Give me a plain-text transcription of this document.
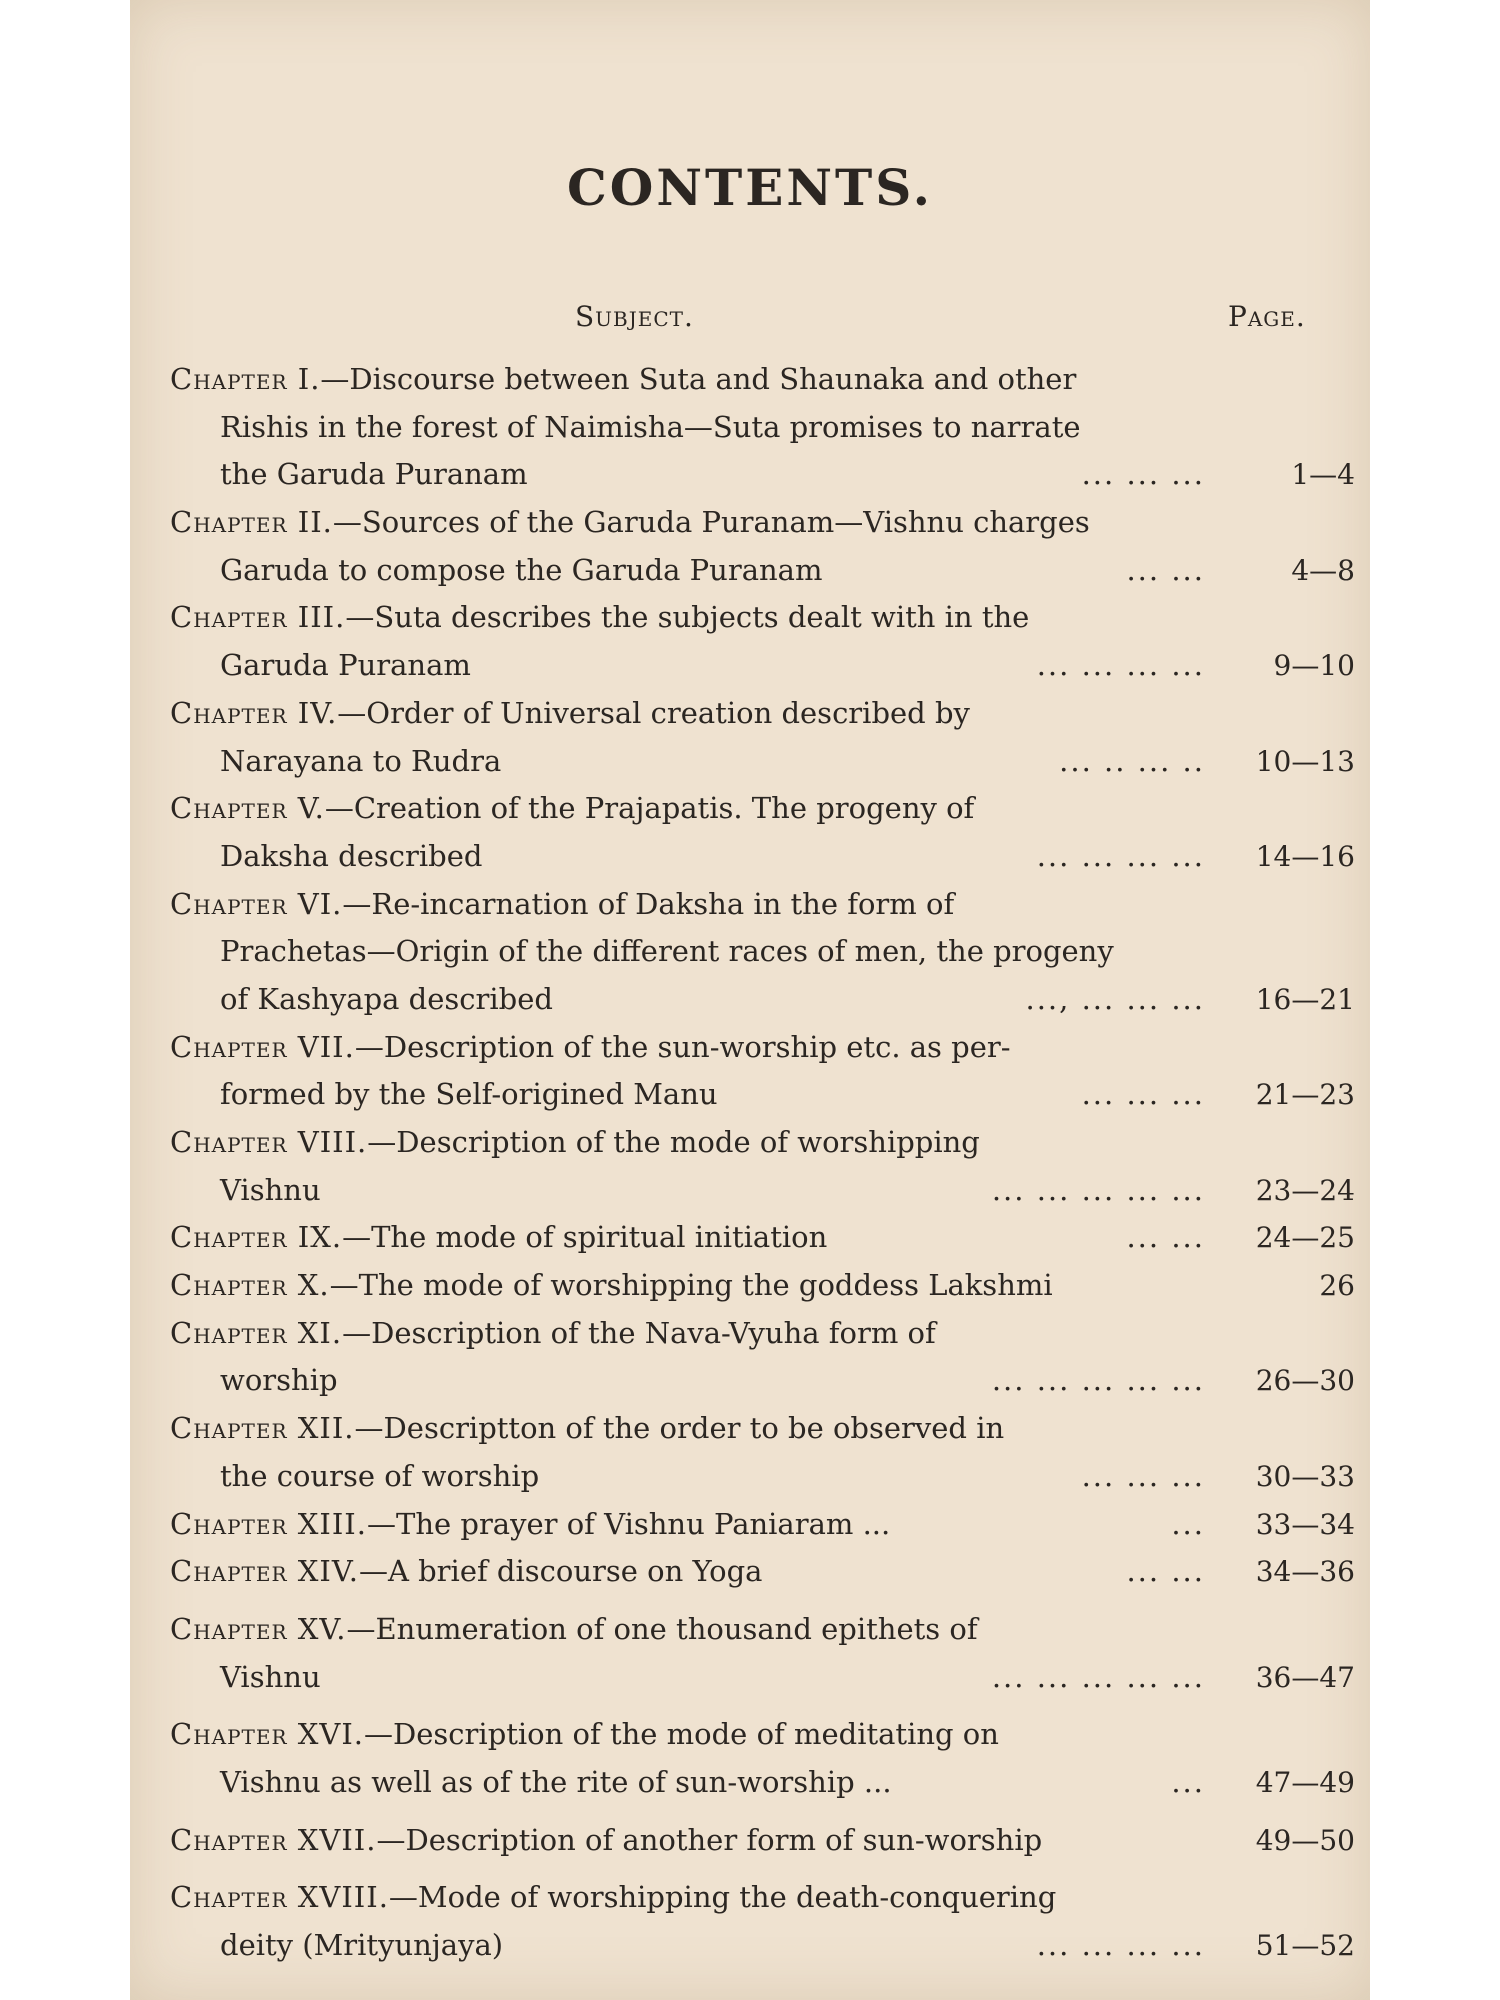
CONTENTS.
Subject.	Page.
Chapter I.—Discourse between Suta and Shaunaka and other
Rishis in the forest of Naimisha—Suta promises to narrate
the Garuda Puranam	... ... ...	1—4
Chapter II.—Sources of the Garuda Puranam—Vishnu charges
Garuda to compose the Garuda Puranam	... ...	4—8
Chapter III.—Suta describes the subjects dealt with in the
Garuda Puranam	... ... ... ...	9—10
Chapter IV.—Order of Universal creation described by
Narayana to Rudra	... .. ... ..	10—13
Chapter V.—Creation of the Prajapatis. The progeny of
Daksha described	... ... ... ...	14—16
Chapter VI.—Re-incarnation of Daksha in the form of
Prachetas—Origin of the different races of men, the progeny
of Kashyapa described	..., ... ... ...	16—21
Chapter VII.—Description of the sun-worship etc. as per-
formed by the Self-origined Manu	... ... ...	21—23
Chapter VIII.—Description of the mode of worshipping
Vishnu	... ... ... ... ...	23—24
Chapter IX.—The mode of spiritual initiation	... ...	24—25
Chapter X.—The mode of worshipping the goddess Lakshmi	26
Chapter XI.—Description of the Nava-Vyuha form of
worship	... ... ... ... ...	26—30
Chapter XII.—Descriptton of the order to be observed in
the course of worship	... ... ...	30—33
Chapter XIII.—The prayer of Vishnu Paniaram ...	...	33—34
Chapter XIV.—A brief discourse on Yoga	... ...	34—36
Chapter XV.—Enumeration of one thousand epithets of
Vishnu	... ... ... ... ...	36—47
Chapter XVI.—Description of the mode of meditating on
Vishnu as well as of the rite of sun-worship ...	...	47—49
Chapter XVII.—Description of another form of sun-worship	49—50
Chapter XVIII.—Mode of worshipping the death-conquering
deity (Mrityunjaya)	... ... ... ...	51—52
